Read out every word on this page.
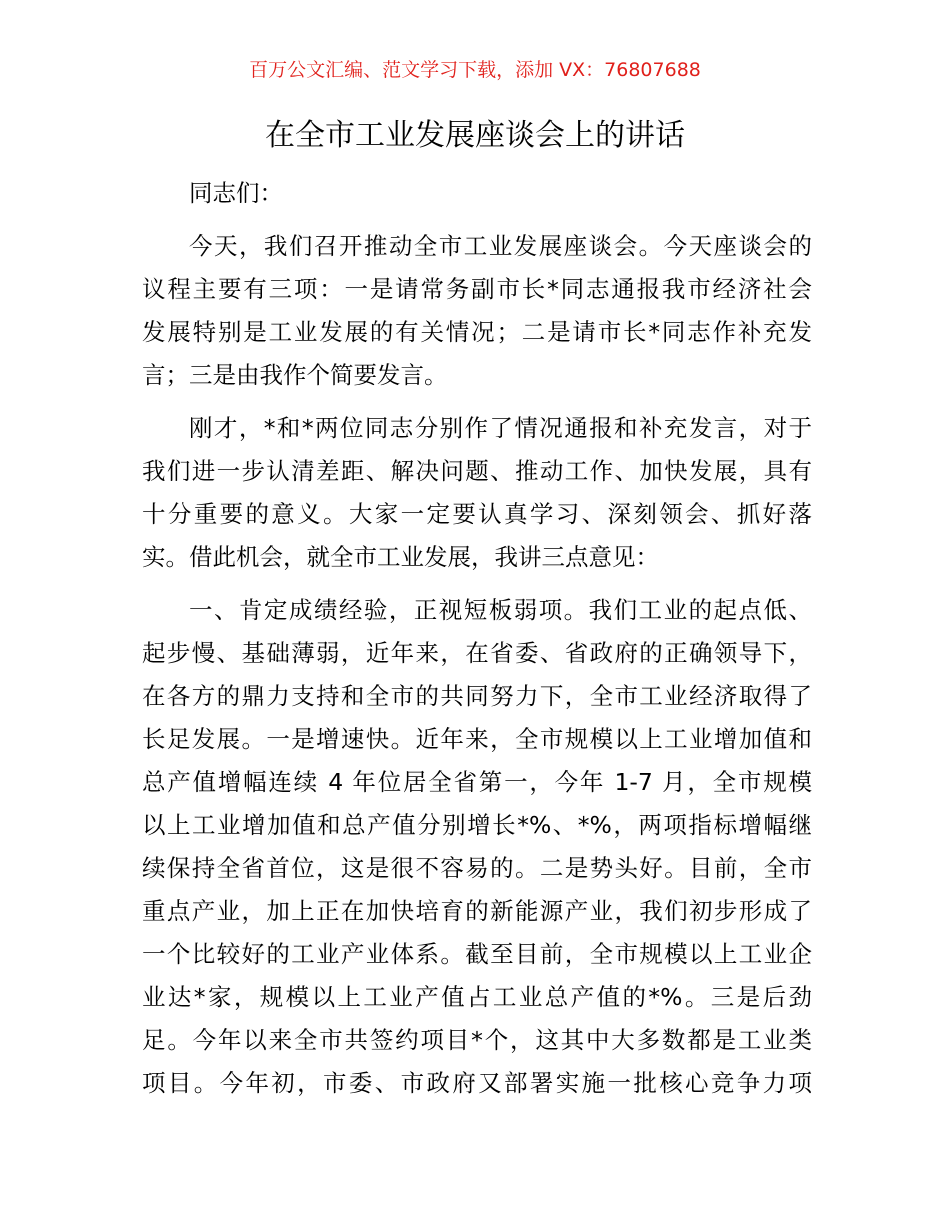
百万公文汇编、范文学习下载，添加 VX：76807688
在全市工业发展座谈会上的讲话
同志们：
今天，我们召开推动全市工业发展座谈会。今天座谈会的
议程主要有三项：一是请常务副市长*同志通报我市经济社会
发展特别是工业发展的有关情况；二是请市长*同志作补充发
言；三是由我作个简要发言。
刚才，*和*两位同志分别作了情况通报和补充发言，对于
我们进一步认清差距、解决问题、推动工作、加快发展，具有
十分重要的意义。大家一定要认真学习、深刻领会、抓好落
实。借此机会，就全市工业发展，我讲三点意见：
一、肯定成绩经验，正视短板弱项。我们工业的起点低、
起步慢、基础薄弱，近年来，在省委、省政府的正确领导下，
在各方的鼎力支持和全市的共同努力下，全市工业经济取得了
长足发展。一是增速快。近年来，全市规模以上工业增加值和
总产值增幅连续 4 年位居全省第一，今年 1-7 月，全市规模
以上工业增加值和总产值分别增长*%、*%，两项指标增幅继
续保持全省首位，这是很不容易的。二是势头好。目前，全市
重点产业，加上正在加快培育的新能源产业，我们初步形成了
一个比较好的工业产业体系。截至目前，全市规模以上工业企
业达*家，规模以上工业产值占工业总产值的*%。三是后劲
足。今年以来全市共签约项目*个，这其中大多数都是工业类
项目。今年初，市委、市政府又部署实施一批核心竞争力项
